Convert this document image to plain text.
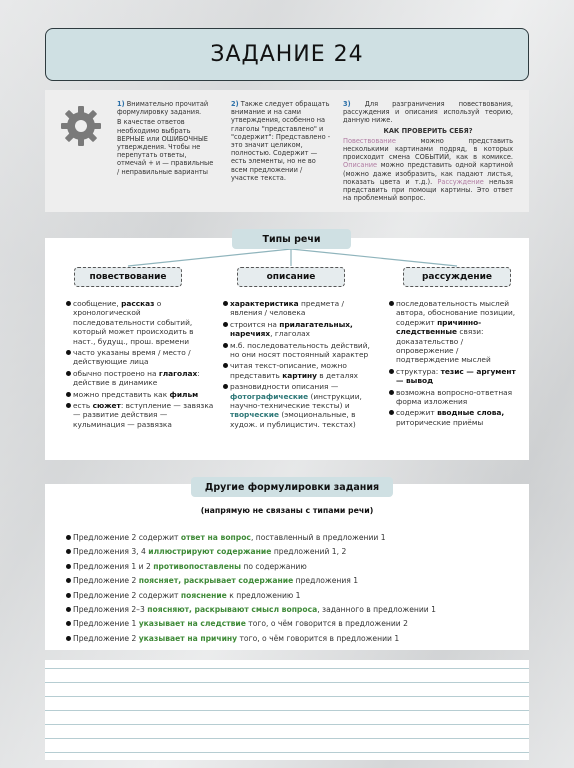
ЗАДАНИЕ 24

1) Внимательно прочитай формулировку задания.

В качестве ответов необходимо выбрать ВЕРНЫЕ или ОШИБОЧНЫЕ утверждения. Чтобы не перепутать ответы, отмечай + и — правильные / неправильные варианты

2) Также следует обращать внимание и на сами утверждения, особенно на глаголы "представлено" и "содержит": Представлено - это значит целиком, полностью. Содержит — есть элементы, но не во всем предложении / участке текста.

3) Для разграничения повествования, рассуждения и описания используй теорию, данную ниже.

КАК ПРОВЕРИТЬ СЕБЯ?

Повествование	можно представить несколькими картинами подряд, в которых происходит смена СОБЫТИЙ, как в комиксе. Описание можно представить одной картиной (можно даже изобразить, как падают листья, показать цвета и т.д.). Рассуждение нельзя представить при помощи картины. Это ответ на проблемный вопрос.

Типы речи
повествование	описание	рассуждение
сообщение, рассказ о хронологической последовательности событий, который может происходить в наст., будущ., прош. времени
часто указаны время / место / действующие лица
обычно построено на глаголах: действие в динамике
можно представить как фильм
есть сюжет: вступление — завязка — развитие действия — кульминация — развязка
характеристика предмета / явления / человека
строится на прилагательных, наречиях, глаголах
м.б. последовательность действий, но они носят постоянный характер
читая текст-описание, можно представить картину в деталях
разновидности описания — фотографические (инструкции, научно-технические тексты) и творческие (эмоциональные, в худож. и публицистич. текстах)
последовательность мыслей автора, обоснование позиции, содержит причинно-следственные связи: доказательство / опровержение / подтверждение мыслей
структура: тезис — аргумент — вывод
возможна вопросно-ответная форма изложения
содержит вводные слова, риторические приёмы
Другие формулировки задания
(напрямую не связаны с типами речи)
Предложение 2 содержит ответ на вопрос, поставленный в предложении 1
Предложения 3, 4 иллюстрируют содержание предложений 1, 2
Предложения 1 и 2 противопоставлены по содержанию
Предложение 2 поясняет, раскрывает содержание предложения 1
Предложение 2 содержит пояснение к предложению 1
Предложения 2–3 поясняют, раскрывают смысл вопроса, заданного в предложении 1
Предложение 1 указывает на следствие того, о чём говорится в предложении 2
Предложение 2 указывает на причину того, о чём говорится в предложении 1
